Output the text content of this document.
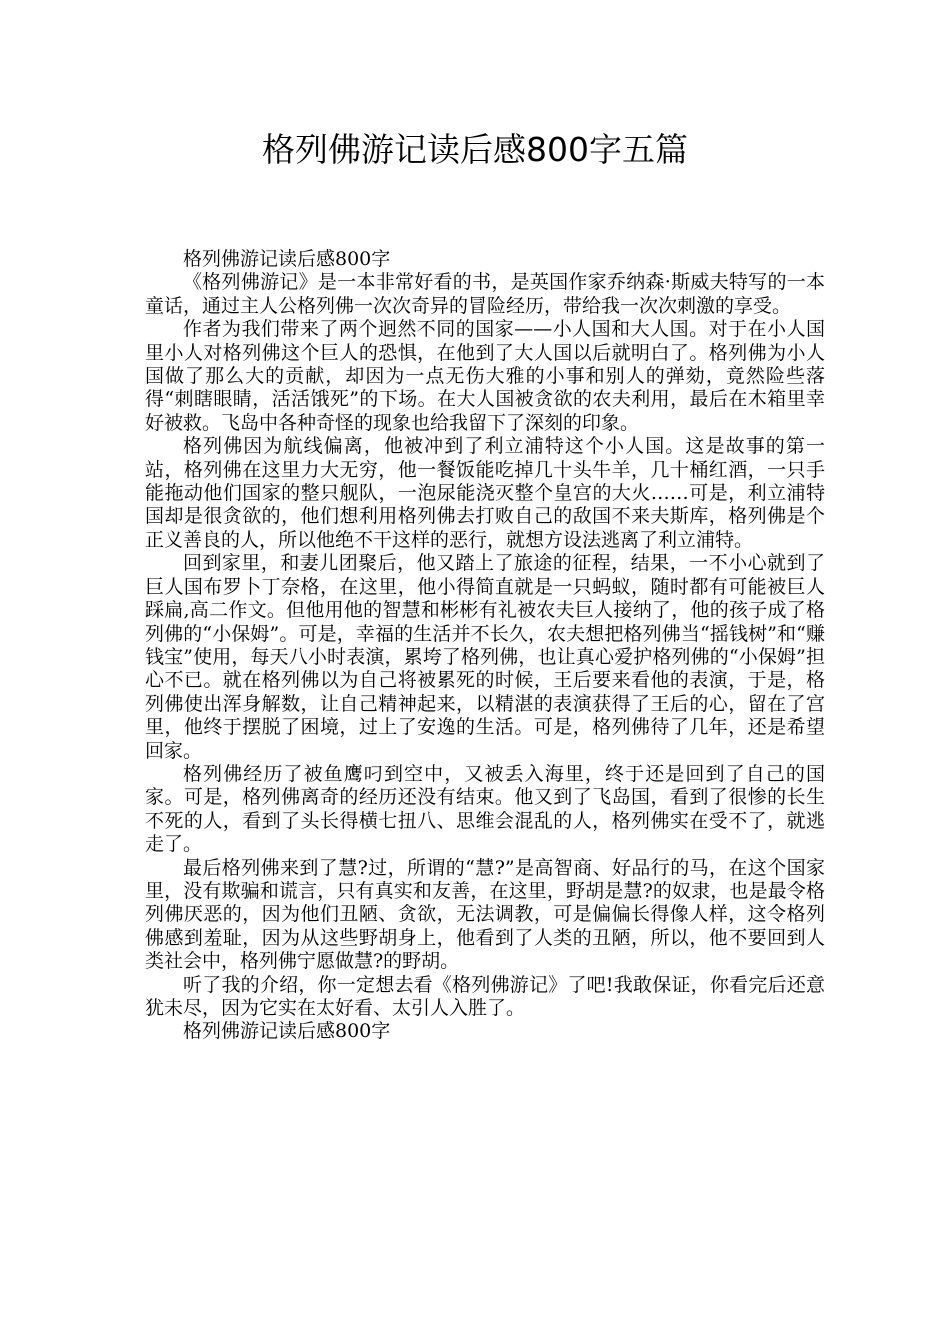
格列佛游记读后感800字五篇

格列佛游记读后感800字

《格列佛游记》是一本非常好看的书，是英国作家乔纳森·斯威夫特写的一本童话，通过主人公格列佛一次次奇异的冒险经历，带给我一次次刺激的享受。

作者为我们带来了两个迥然不同的国家——小人国和大人国。对于在小人国里小人对格列佛这个巨人的恐惧，在他到了大人国以后就明白了。格列佛为小人国做了那么大的贡献，却因为一点无伤大雅的小事和别人的弹劾，竟然险些落得“刺瞎眼睛，活活饿死”的下场。在大人国被贪欲的农夫利用，最后在木箱里幸好被救。飞岛中各种奇怪的现象也给我留下了深刻的印象。

格列佛因为航线偏离，他被冲到了利立浦特这个小人国。这是故事的第一站，格列佛在这里力大无穷，他一餐饭能吃掉几十头牛羊，几十桶红酒，一只手能拖动他们国家的整只舰队，一泡尿能浇灭整个皇宫的大火……可是，利立浦特国却是很贪欲的，他们想利用格列佛去打败自己的敌国不来夫斯库，格列佛是个正义善良的人，所以他绝不干这样的恶行，就想方设法逃离了利立浦特。

回到家里，和妻儿团聚后，他又踏上了旅途的征程，结果，一不小心就到了巨人国布罗卜丁奈格，在这里，他小得简直就是一只蚂蚁，随时都有可能被巨人踩扁,高二作文。但他用他的智慧和彬彬有礼被农夫巨人接纳了，他的孩子成了格列佛的“小保姆”。可是，幸福的生活并不长久，农夫想把格列佛当“摇钱树”和“赚钱宝”使用，每天八小时表演，累垮了格列佛，也让真心爱护格列佛的“小保姆”担心不已。就在格列佛以为自己将被累死的时候，王后要来看他的表演，于是，格列佛使出浑身解数，让自己精神起来，以精湛的表演获得了王后的心，留在了宫里，他终于摆脱了困境，过上了安逸的生活。可是，格列佛待了几年，还是希望回家。

格列佛经历了被鱼鹰叼到空中，又被丢入海里，终于还是回到了自己的国家。可是，格列佛离奇的经历还没有结束。他又到了飞岛国，看到了很惨的长生不死的人，看到了头长得横七扭八、思维会混乱的人，格列佛实在受不了，就逃走了。

最后格列佛来到了慧?过，所谓的“慧?”是高智商、好品行的马，在这个国家里，没有欺骗和谎言，只有真实和友善，在这里，野胡是慧?的奴隶，也是最令格列佛厌恶的，因为他们丑陋、贪欲，无法调教，可是偏偏长得像人样，这令格列佛感到羞耻，因为从这些野胡身上，他看到了人类的丑陋，所以，他不要回到人类社会中，格列佛宁愿做慧?的野胡。

听了我的介绍，你一定想去看《格列佛游记》了吧!我敢保证，你看完后还意犹未尽，因为它实在太好看、太引人入胜了。

格列佛游记读后感800字
